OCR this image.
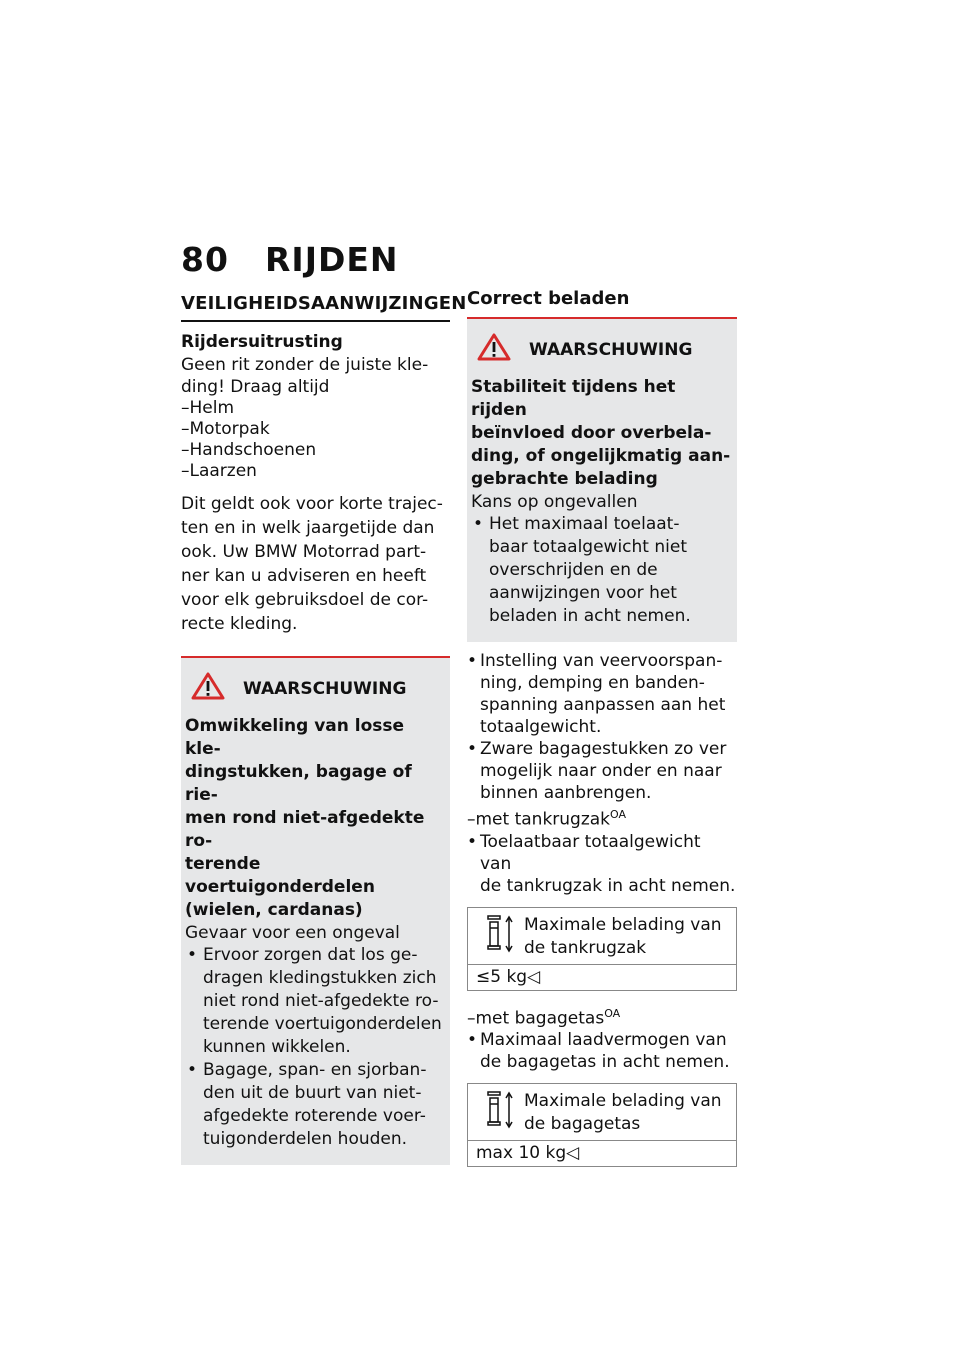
80 RIJDEN
VEILIGHEIDSAANWIJZINGEN
Rijdersuitrusting
Geen rit zonder de juiste kle-
ding! Draag altijd
– Helm
– Motorpak
– Handschoenen
– Laarzen
Dit geldt ook voor korte trajec-
ten en in welk jaargetijde dan
ook. Uw BMW Motorrad part-
ner kan u adviseren en heeft
voor elk gebruiksdoel de cor-
recte kleding.
WAARSCHUWING
Omwikkeling van losse kle-
dingstukken, bagage of rie-
men rond niet-afgedekte ro-
terende voertuigonderdelen
(wielen, cardanas)
Gevaar voor een ongeval
• Ervoor zorgen dat los ge-
dragen kledingstukken zich
niet rond niet-afgedekte ro-
terende voertuigonderdelen
kunnen wikkelen.
• Bagage, span- en sjorban-
den uit de buurt van niet-
afgedekte roterende voer-
tuigonderdelen houden.
Correct beladen
WAARSCHUWING
Stabiliteit tijdens het rijden
beïnvloed door overbela-
ding, of ongelijkmatig aan-
gebrachte belading
Kans op ongevallen
• Het maximaal toelaat-
baar totaalgewicht niet
overschrijden en de
aanwijzingen voor het
beladen in acht nemen.
• Instelling van veervoorspan-
ning, demping en banden-
spanning aanpassen aan het
totaalgewicht.
• Zware bagagestukken zo ver
mogelijk naar onder en naar
binnen aanbrengen.
–met tankrugzak$^{OA}$
• Toelaatbaar totaalgewicht van
de tankrugzak in acht nemen.
Maximale belading van
de tankrugzak
≤5 kg◁
–met bagagetas$^{OA}$
• Maximaal laadvermogen van
de bagagetas in acht nemen.
Maximale belading van
de bagagetas
max 10 kg◁
